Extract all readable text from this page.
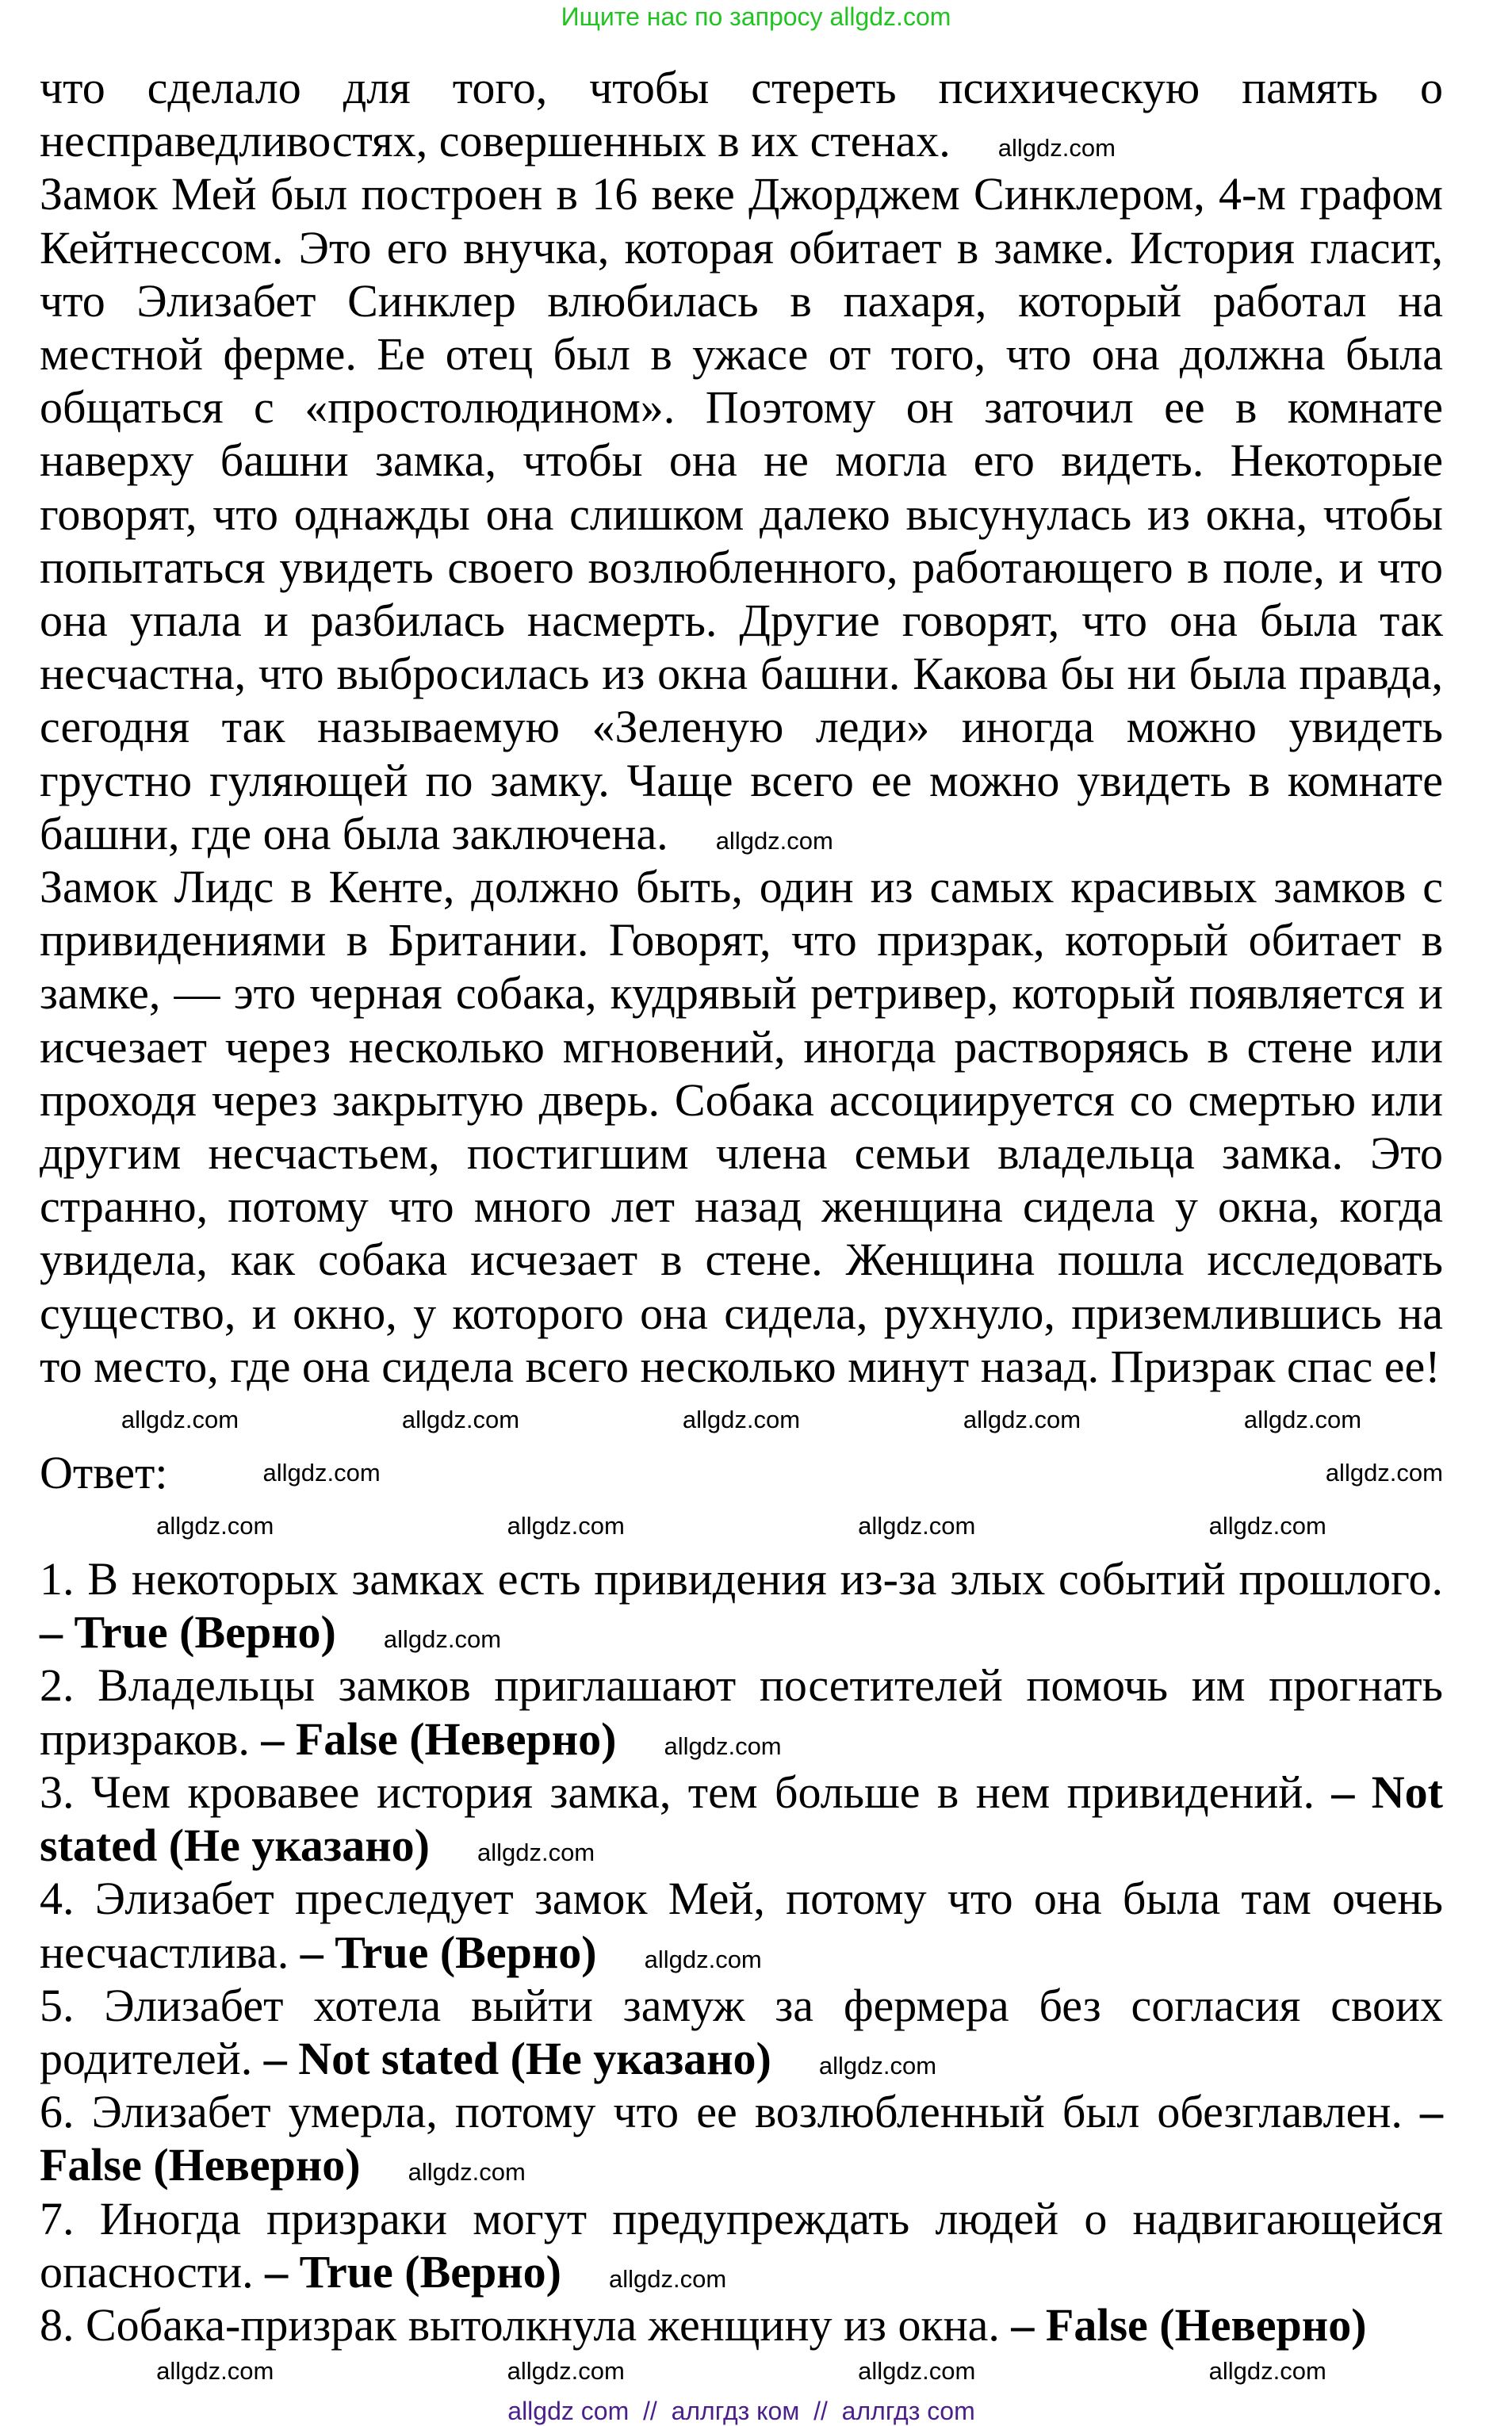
Ищите нас по запросу allgdz.com

что сделало для того, чтобы стереть психическую память о несправедливостях, совершенных в их стенах. allgdz.com

Замок Мей был построен в 16 веке Джорджем Синклером, 4-м графом Кейтнессом. Это его внучка, которая обитает в замке. История гласит, что Элизабет Синклер влюбилась в пахаря, который работал на местной ферме. Ее отец был в ужасе от того, что она должна была общаться с «простолюдином». Поэтому он заточил ее в комнате наверху башни замка, чтобы она не могла его видеть. Некоторые говорят, что однажды она слишком далеко высунулась из окна, чтобы попытаться увидеть своего возлюбленного, работающего в поле, и что она упала и разбилась насмерть. Другие говорят, что она была так несчастна, что выбросилась из окна башни. Какова бы ни была правда, сегодня так называемую «Зеленую леди» иногда можно увидеть грустно гуляющей по замку. Чаще всего ее можно увидеть в комнате башни, где она была заключена. allgdz.com

Замок Лидс в Кенте, должно быть, один из самых красивых замков с привидениями в Британии. Говорят, что призрак, который обитает в замке, — это черная собака, кудрявый ретривер, который появляется и исчезает через несколько мгновений, иногда растворяясь в стене или проходя через закрытую дверь. Собака ассоциируется со смертью или другим несчастьем, постигшим члена семьи владельца замка. Это странно, потому что много лет назад женщина сидела у окна, когда увидела, как собака исчезает в стене. Женщина пошла исследовать существо, и окно, у которого она сидела, рухнуло, приземлившись на то место, где она сидела всего несколько минут назад. Призрак спас ее!

allgdz.com	allgdz.com	allgdz.com	allgdz.com	allgdz.com
Ответ:	allgdz.com	allgdz.com
allgdz.com	allgdz.com	allgdz.com	allgdz.com

1. В некоторых замках есть привидения из-за злых событий прошлого. – True (Верно) allgdz.com

2. Владельцы замков приглашают посетителей помочь им прогнать призраков. – False (Неверно) allgdz.com

3. Чем кровавее история замка, тем больше в нем привидений. – Not stated (Не указано) allgdz.com

4. Элизабет преследует замок Мей, потому что она была там очень несчастлива. – True (Верно) allgdz.com

5. Элизабет хотела выйти замуж за фермера без согласия своих родителей. – Not stated (Не указано) allgdz.com

6. Элизабет умерла, потому что ее возлюбленный был обезглавлен. – False (Неверно) allgdz.com

7. Иногда призраки могут предупреждать людей о надвигающейся опасности. – True (Верно) allgdz.com

8. Собака-призрак вытолкнула женщину из окна. – False (Неверно)

allgdz.com	allgdz.com	allgdz.com	allgdz.com
allgdz com  //  аллгдз ком  //  аллгдз com
